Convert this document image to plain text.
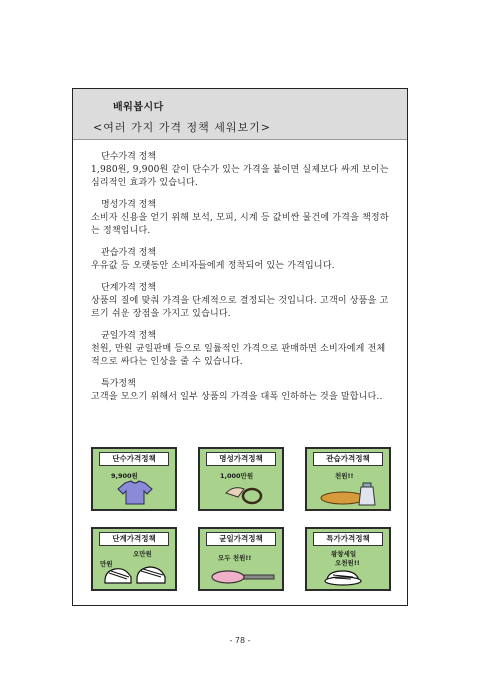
배워봅시다
<여러 가지 가격 정책 세워보기>
단수가격 정책
1,980원, 9,900원 같이 단수가 있는 가격을 붙이면 실제보다 싸게 보이는 심리적인 효과가 있습니다.
명성가격 정책
소비자 신용을 얻기 위해 보석, 모피, 시계 등 값비싼 물건에 가격을 책정하는 정책입니다.
관습가격 정책
우유값 등 오랫동안 소비자들에게 정착되어 있는 가격입니다.
단계가격 정책
상품의 질에 맞춰 가격을 단계적으로 결정되는 것입니다. 고객이 상품을 고르기 쉬운 장점을 가지고 있습니다.
균일가격 정책
천원, 만원 균일판매 등으로 일률적인 가격으로 판매하면 소비자에게 전체적으로 싸다는 인상을 줄 수 있습니다.
특가정책
고객을 모으기 위해서 일부 상품의 가격을 대폭 인하하는 것을 말합니다..
단수가격정책
9,900원
명성가격정책
1,000만원
관습가격정책
천원!!
단계가격정책
오만원
만원
균일가격정책
모두 천원!!
특가가격정책
왕창세일
오천원!!
- 78 -
